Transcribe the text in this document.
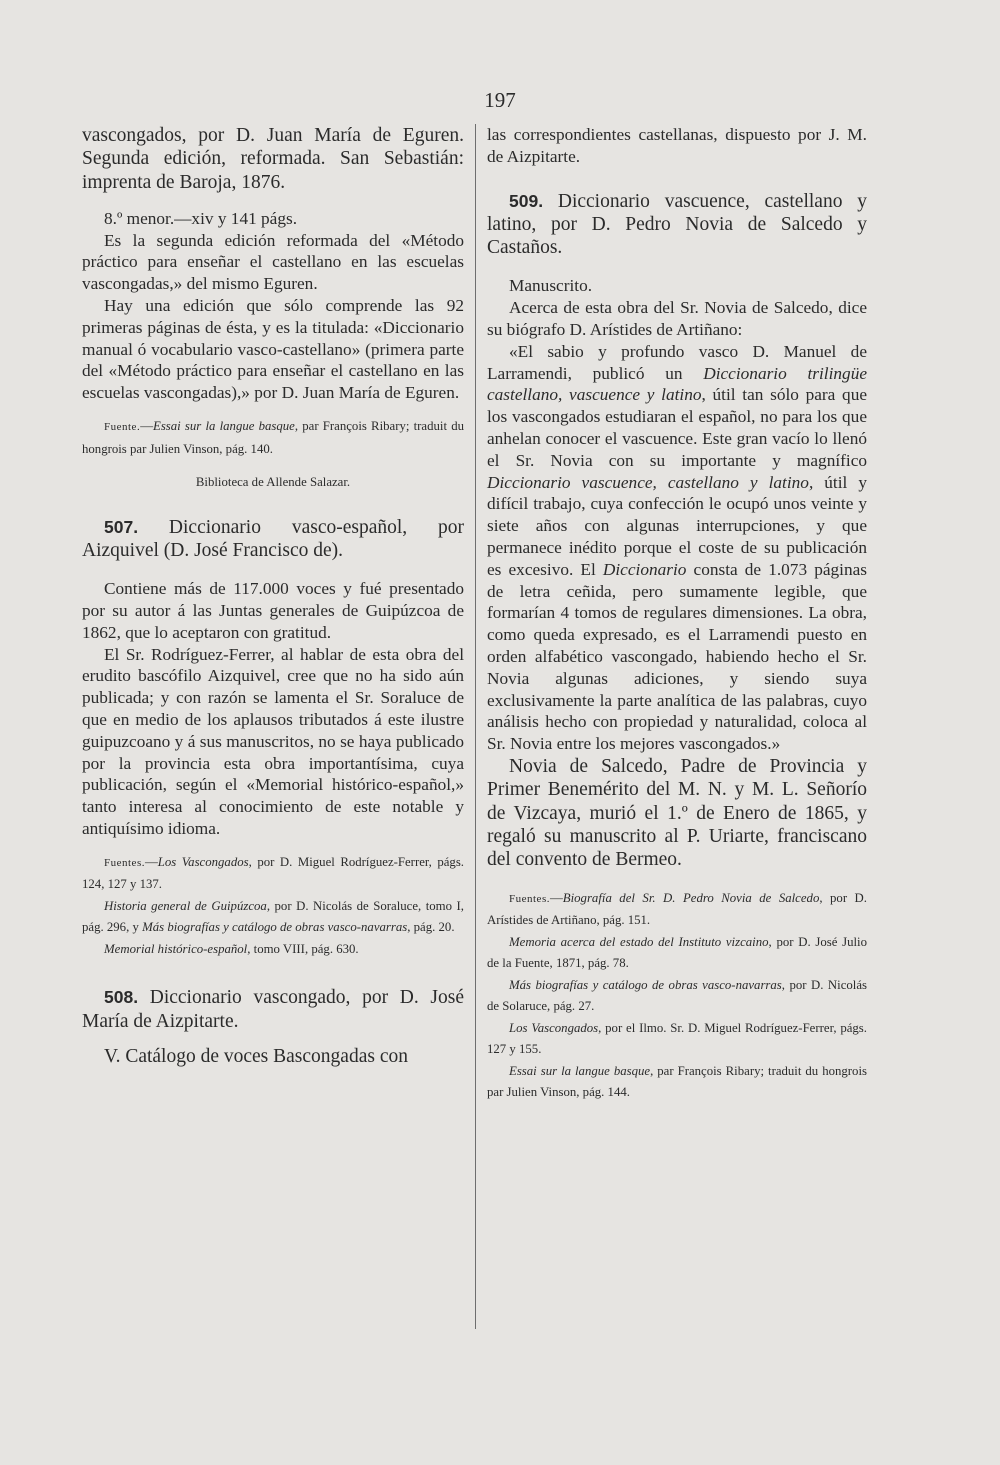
197

vascongados, por D. Juan María de Eguren. Segunda edición, reformada. San Sebastián: imprenta de Baroja, 1876.

8.º menor.—xiv y 141 págs.

Es la segunda edición reformada del «Método práctico para enseñar el castellano en las escuelas vascongadas,» del mismo Eguren.

Hay una edición que sólo comprende las 92 primeras páginas de ésta, y es la titulada: «Diccionario manual ó vocabulario vasco-castellano» (primera parte del «Método práctico para enseñar el castellano en las escuelas vascongadas),» por D. Juan María de Eguren.

Fuente.—Essai sur la langue basque, par François Ribary; traduit du hongrois par Julien Vinson, pág. 140.

Biblioteca de Allende Salazar.

507. Diccionario vasco-español, por Aizquivel (D. José Francisco de).

Contiene más de 117.000 voces y fué presentado por su autor á las Juntas generales de Guipúzcoa de 1862, que lo aceptaron con gratitud.

El Sr. Rodríguez-Ferrer, al hablar de esta obra del erudito bascófilo Aizquivel, cree que no ha sido aún publicada; y con razón se lamenta el Sr. Soraluce de que en medio de los aplausos tributados á este ilustre guipuzcoano y á sus manuscritos, no se haya publicado por la provincia esta obra importantísima, cuya publicación, según el «Memorial histórico-español,» tanto interesa al conocimiento de este notable y antiquísimo idioma.

Fuentes.—Los Vascongados, por D. Miguel Rodríguez-Ferrer, págs. 124, 127 y 137.

Historia general de Guipúzcoa, por D. Nicolás de Soraluce, tomo I, pág. 296, y Más biografías y catálogo de obras vasco-navarras, pág. 20.

Memorial histórico-español, tomo VIII, pág. 630.

508. Diccionario vascongado, por D. José María de Aizpitarte.

V. Catálogo de voces Bascongadas con

las correspondientes castellanas, dispuesto por J. M. de Aizpitarte.

509. Diccionario vascuence, castellano y latino, por D. Pedro Novia de Salcedo y Castaños.

Manuscrito.

Acerca de esta obra del Sr. Novia de Salcedo, dice su biógrafo D. Arístides de Artiñano:

«El sabio y profundo vasco D. Manuel de Larramendi, publicó un Diccionario trilingüe castellano, vascuence y latino, útil tan sólo para que los vascongados estudiaran el español, no para los que anhelan conocer el vascuence. Este gran vacío lo llenó el Sr. Novia con su importante y magnífico Diccionario vascuence, castellano y latino, útil y difícil trabajo, cuya confección le ocupó unos veinte y siete años con algunas interrupciones, y que permanece inédito porque el coste de su publicación es excesivo. El Diccionario consta de 1.073 páginas de letra ceñida, pero sumamente legible, que formarían 4 tomos de regulares dimensiones. La obra, como queda expresado, es el Larramendi puesto en orden alfabético vascongado, habiendo hecho el Sr. Novia algunas adiciones, y siendo suya exclusivamente la parte analítica de las palabras, cuyo análisis hecho con propiedad y naturalidad, coloca al Sr. Novia entre los mejores vascongados.»

Novia de Salcedo, Padre de Provincia y Primer Benemérito del M. N. y M. L. Señorío de Vizcaya, murió el 1.º de Enero de 1865, y regaló su manuscrito al P. Uriarte, franciscano del convento de Bermeo.

Fuentes.—Biografía del Sr. D. Pedro Novia de Salcedo, por D. Arístides de Artiñano, pág. 151.

Memoria acerca del estado del Instituto vizcaino, por D. José Julio de la Fuente, 1871, pág. 78.

Más biografías y catálogo de obras vasco-navarras, por D. Nicolás de Solaruce, pág. 27.

Los Vascongados, por el Ilmo. Sr. D. Miguel Rodríguez-Ferrer, págs. 127 y 155.

Essai sur la langue basque, par François Ribary; traduit du hongrois par Julien Vinson, pág. 144.
